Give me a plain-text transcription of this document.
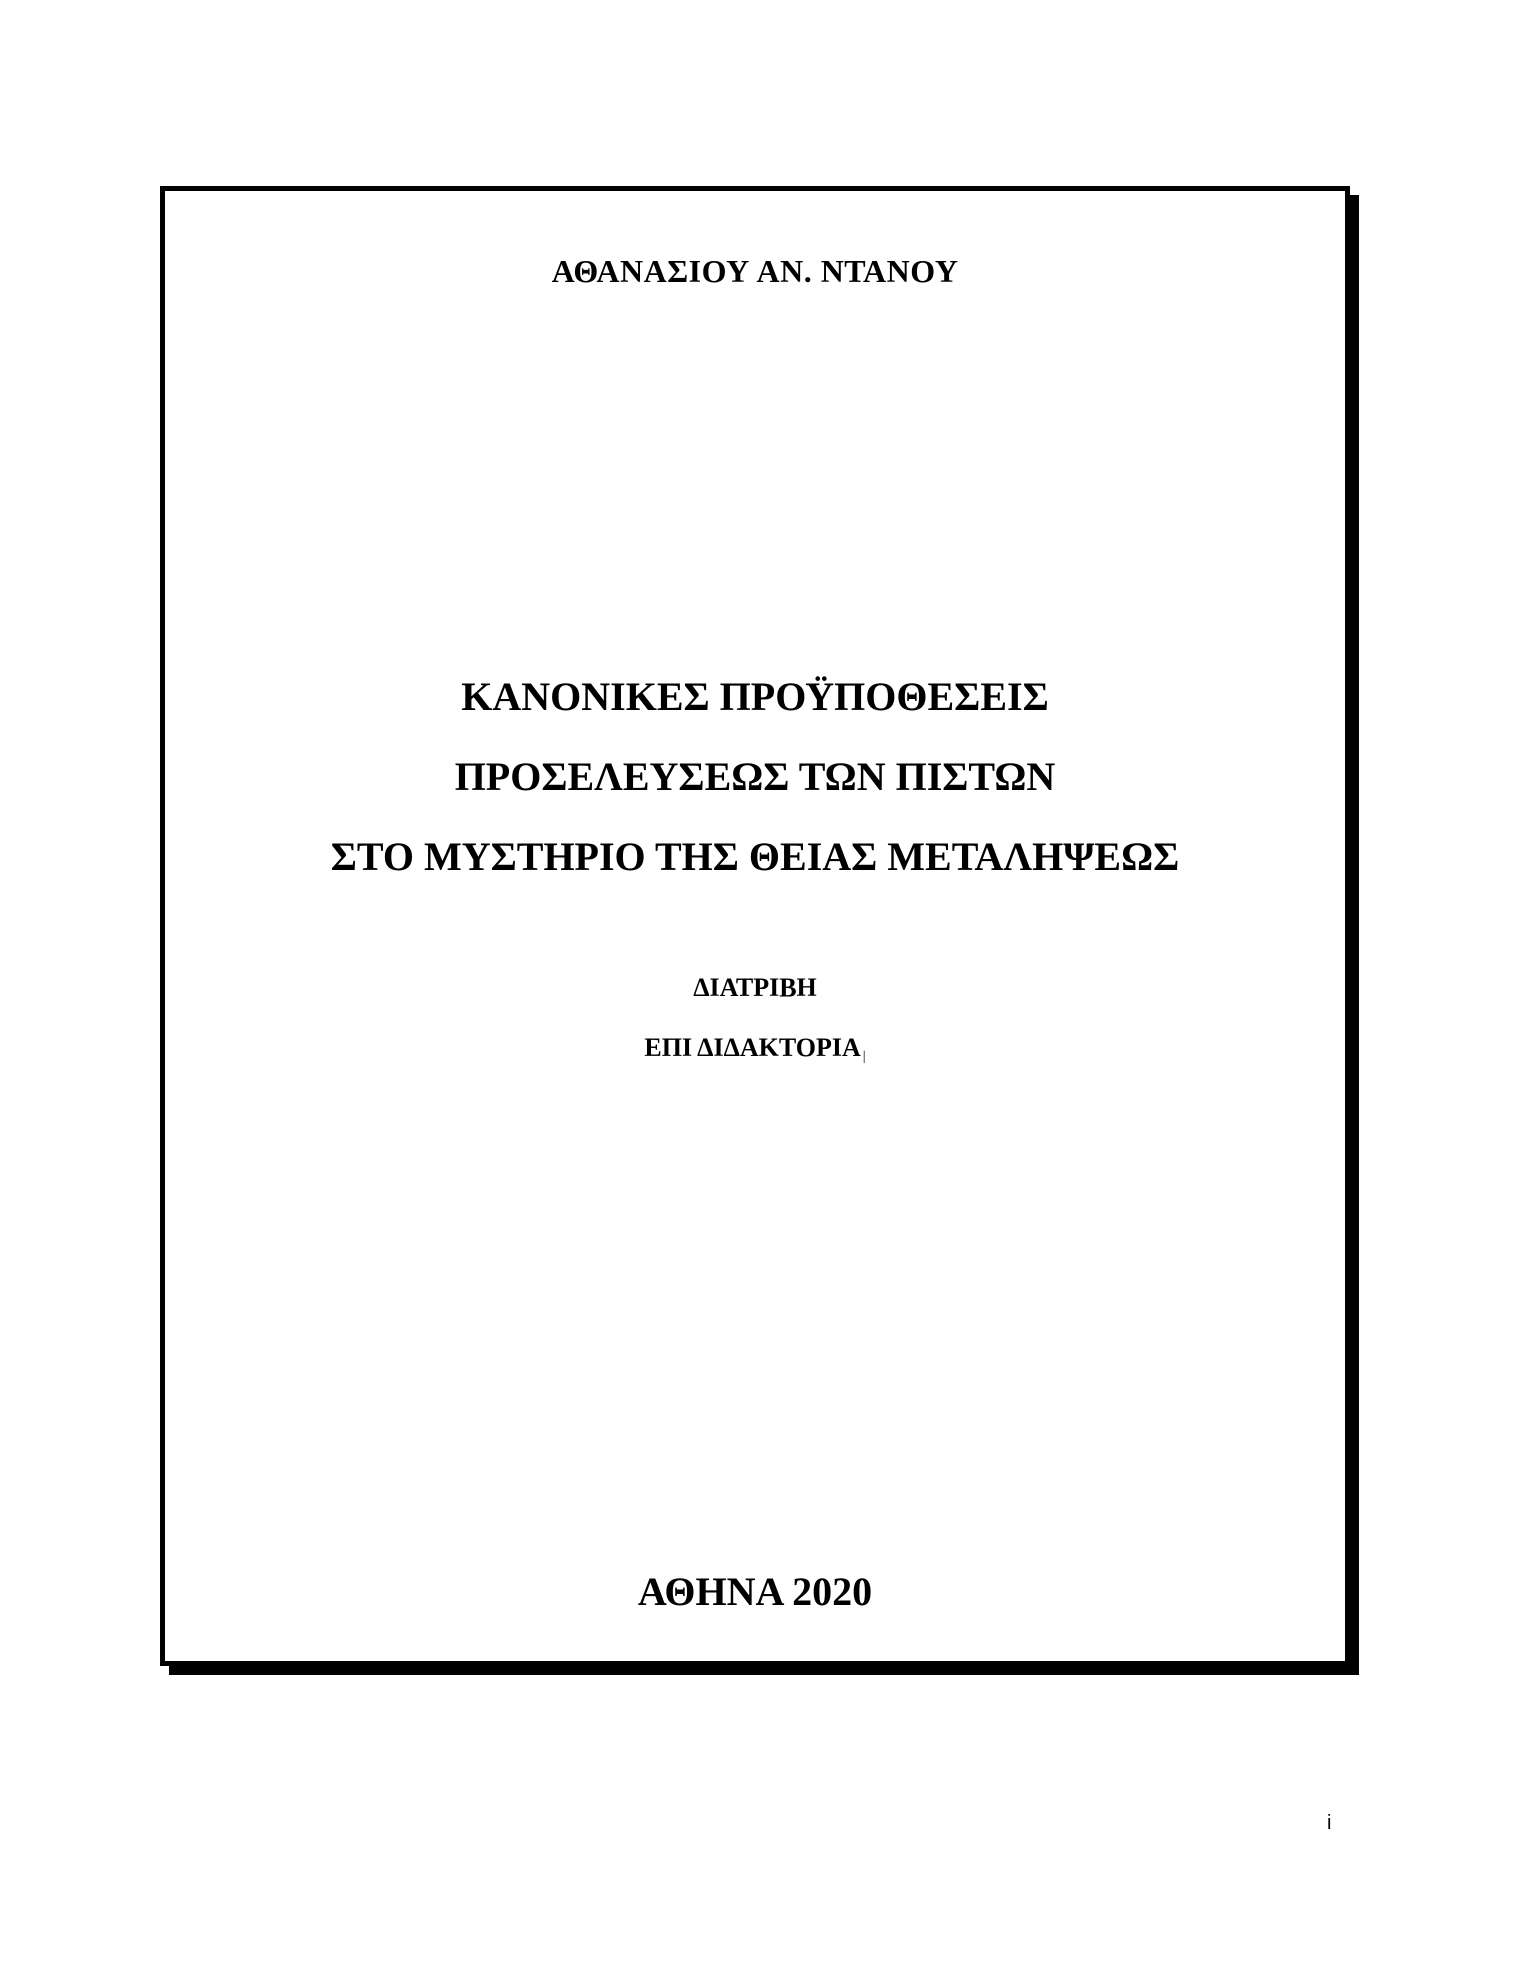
ΑΘΑΝΑΣΙΟΥ ΑΝ. ΝΤΑΝΟΥ
ΚΑΝΟΝΙΚΕΣ ΠΡΟΫΠΟΘΕΣΕΙΣ
ΠΡΟΣΕΛΕΥΣΕΩΣ ΤΩΝ ΠΙΣΤΩΝ
ΣΤΟ ΜΥΣΤΗΡΙΟ ΤΗΣ ΘΕΙΑΣ ΜΕΤΑΛΗΨΕΩΣ
ΔΙΑΤΡΙΒΗ
ΕΠΙ ΔΙΔΑΚΤΟΡΙΑ |
ΑΘΗΝΑ 2020
i
